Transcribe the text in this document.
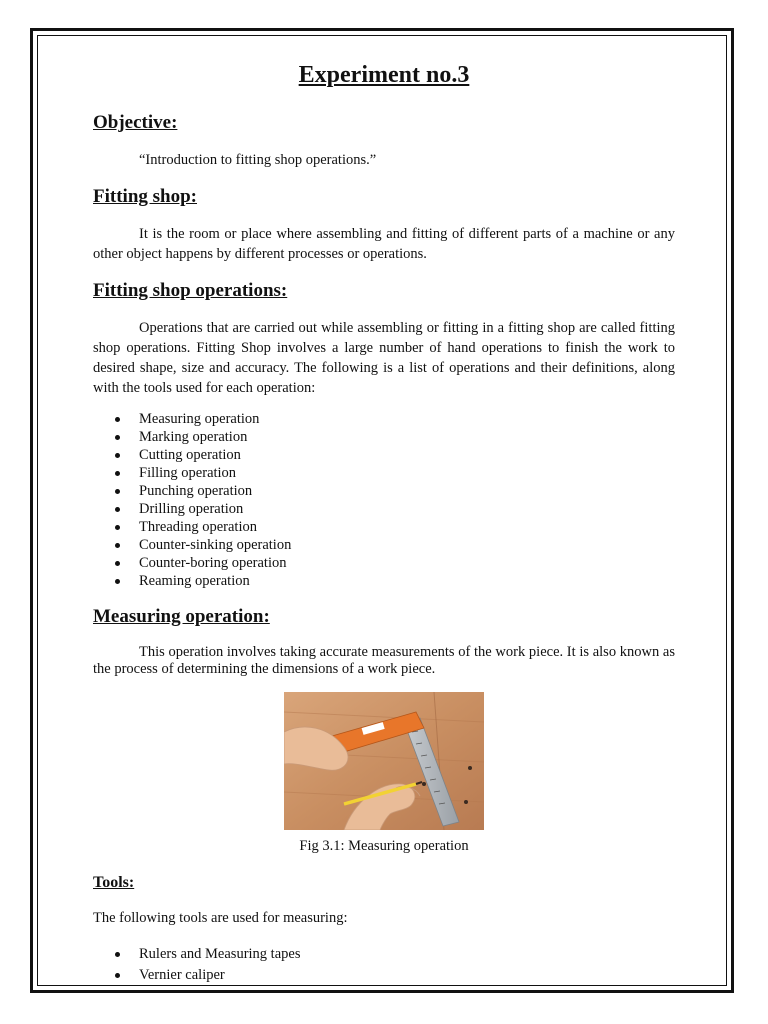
Experiment no.3
Objective:

“Introduction to fitting shop operations.”

Fitting shop:

It is the room or place where assembling and fitting of different parts of a machine or any other object happens by different processes or operations.

Fitting shop operations:

Operations that are carried out while assembling or fitting in a fitting shop are called fitting shop operations. Fitting Shop involves a large number of hand operations to finish the work to desired shape, size and accuracy. The following is a list of operations and their definitions, along with the tools used for each operation:

Measuring operation
Marking operation
Cutting operation
Filling operation
Punching operation
Drilling operation
Threading operation
Counter-sinking operation
Counter-boring operation
Reaming operation
Measuring operation:

This operation involves taking accurate measurements of the work piece. It is also known as the process of determining the dimensions of a work piece.

Fig 3.1: Measuring operation

Tools:

The following tools are used for measuring:

Rulers and Measuring tapes
Vernier caliper
